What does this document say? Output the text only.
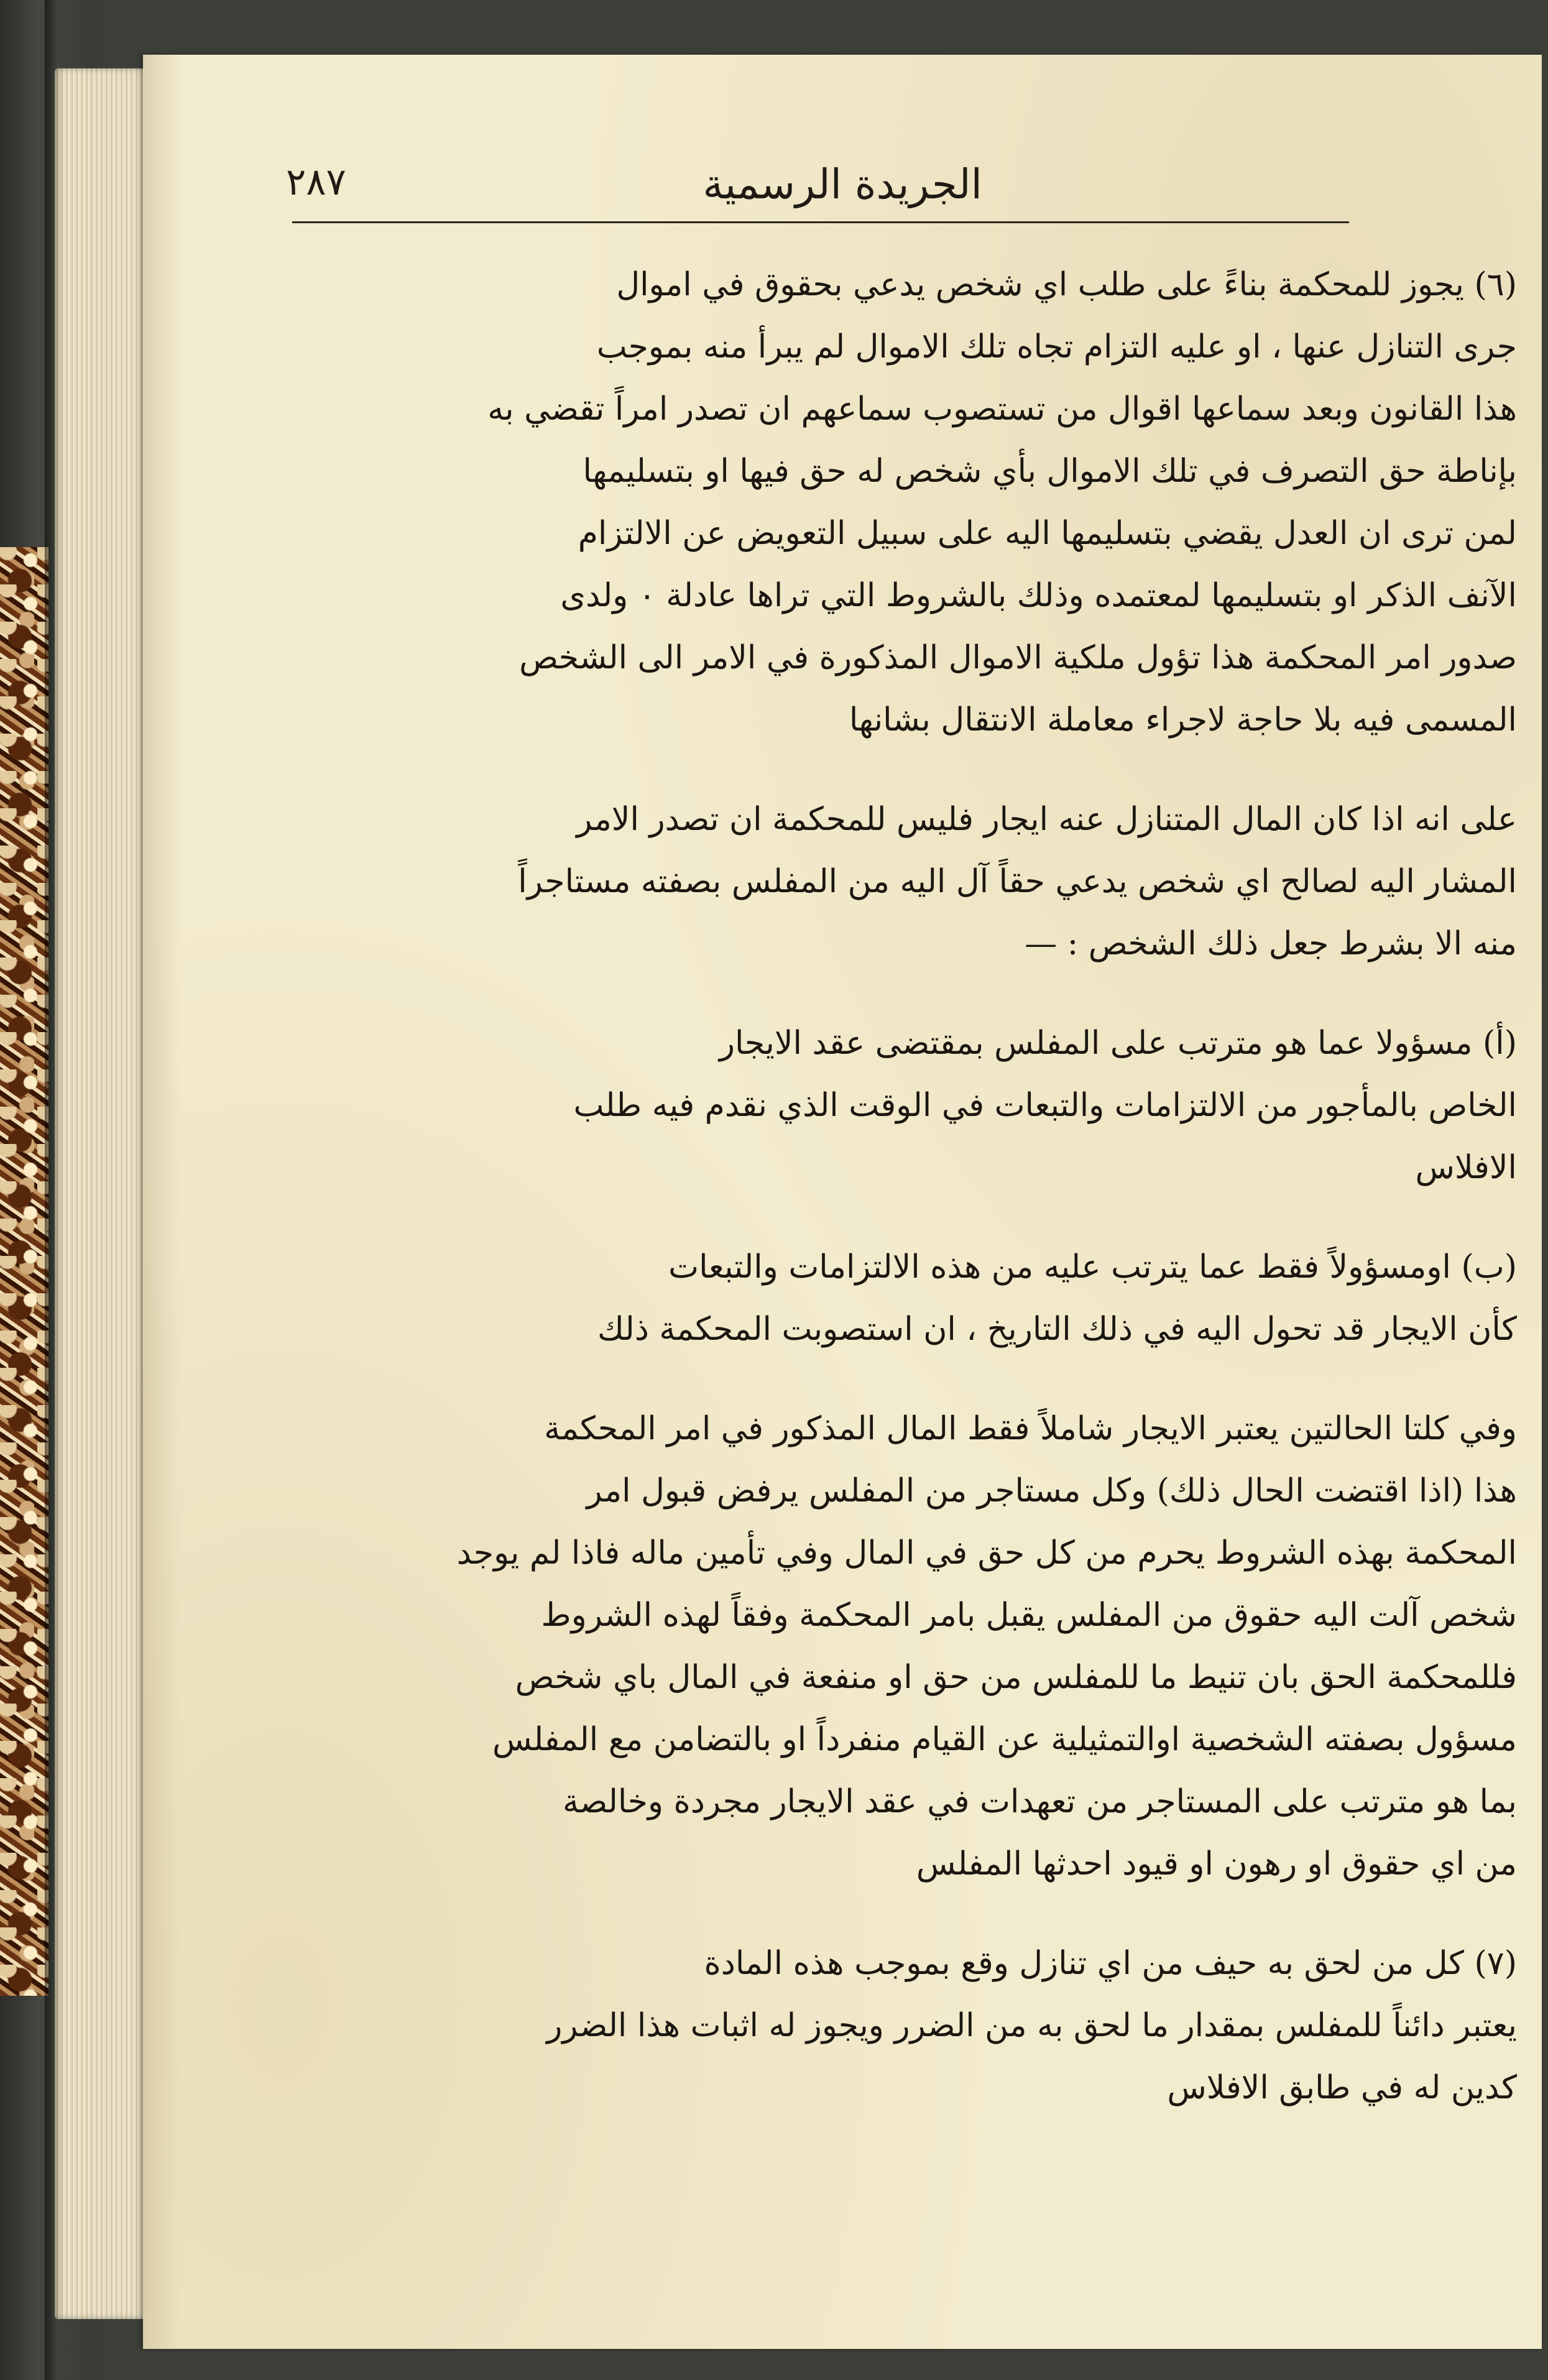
٢٨٧	الجريدة الرسمية
(٦) يجوز للمحكمة بناءً على طلب اي شخص يدعي بحقوق في اموال
جرى التنازل عنها ، او عليه التزام تجاه تلك الاموال لم يبرأ منه بموجب
هذا القانون وبعد سماعها اقوال من تستصوب سماعهم ان تصدر امراً تقضي به
بإناطة حق التصرف في تلك الاموال بأي شخص له حق فيها او بتسليمها
لمن ترى ان العدل يقضي بتسليمها اليه على سبيل التعويض عن الالتزام
الآنف الذكر او بتسليمها لمعتمده وذلك بالشروط التي تراها عادلة ٠ ولدى
صدور امر المحكمة هذا تؤول ملكية الاموال المذكورة في الامر الى الشخص
المسمى فيه بلا حاجة لاجراء معاملة الانتقال بشانها
على انه اذا كان المال المتنازل عنه ايجار فليس للمحكمة ان تصدر الامر
المشار اليه لصالح اي شخص يدعي حقاً آل اليه من المفلس بصفته مستاجراً
منه الا بشرط جعل ذلك الشخص : —
(أ) مسؤولا عما هو مترتب على المفلس بمقتضى عقد الايجار
الخاص بالمأجور من الالتزامات والتبعات في الوقت الذي نقدم فيه طلب
الافلاس
(ب) اومسؤولاً فقط عما يترتب عليه من هذه الالتزامات والتبعات
كأن الايجار قد تحول اليه في ذلك التاريخ ، ان استصوبت المحكمة ذلك
وفي كلتا الحالتين يعتبر الايجار شاملاً فقط المال المذكور في امر المحكمة
هذا (اذا اقتضت الحال ذلك) وكل مستاجر من المفلس يرفض قبول امر
المحكمة بهذه الشروط يحرم من كل حق في المال وفي تأمين ماله فاذا لم يوجد
شخص آلت اليه حقوق من المفلس يقبل بامر المحكمة وفقاً لهذه الشروط
فللمحكمة الحق بان تنيط ما للمفلس من حق او منفعة في المال باي شخص
مسؤول بصفته الشخصية اوالتمثيلية عن القيام منفرداً او بالتضامن مع المفلس
بما هو مترتب على المستاجر من تعهدات في عقد الايجار مجردة وخالصة
من اي حقوق او رهون او قيود احدثها المفلس
(٧) كل من لحق به حيف من اي تنازل وقع بموجب هذه المادة
يعتبر دائناً للمفلس بمقدار ما لحق به من الضرر ويجوز له اثبات هذا الضرر
كدين له في طابق الافلاس
